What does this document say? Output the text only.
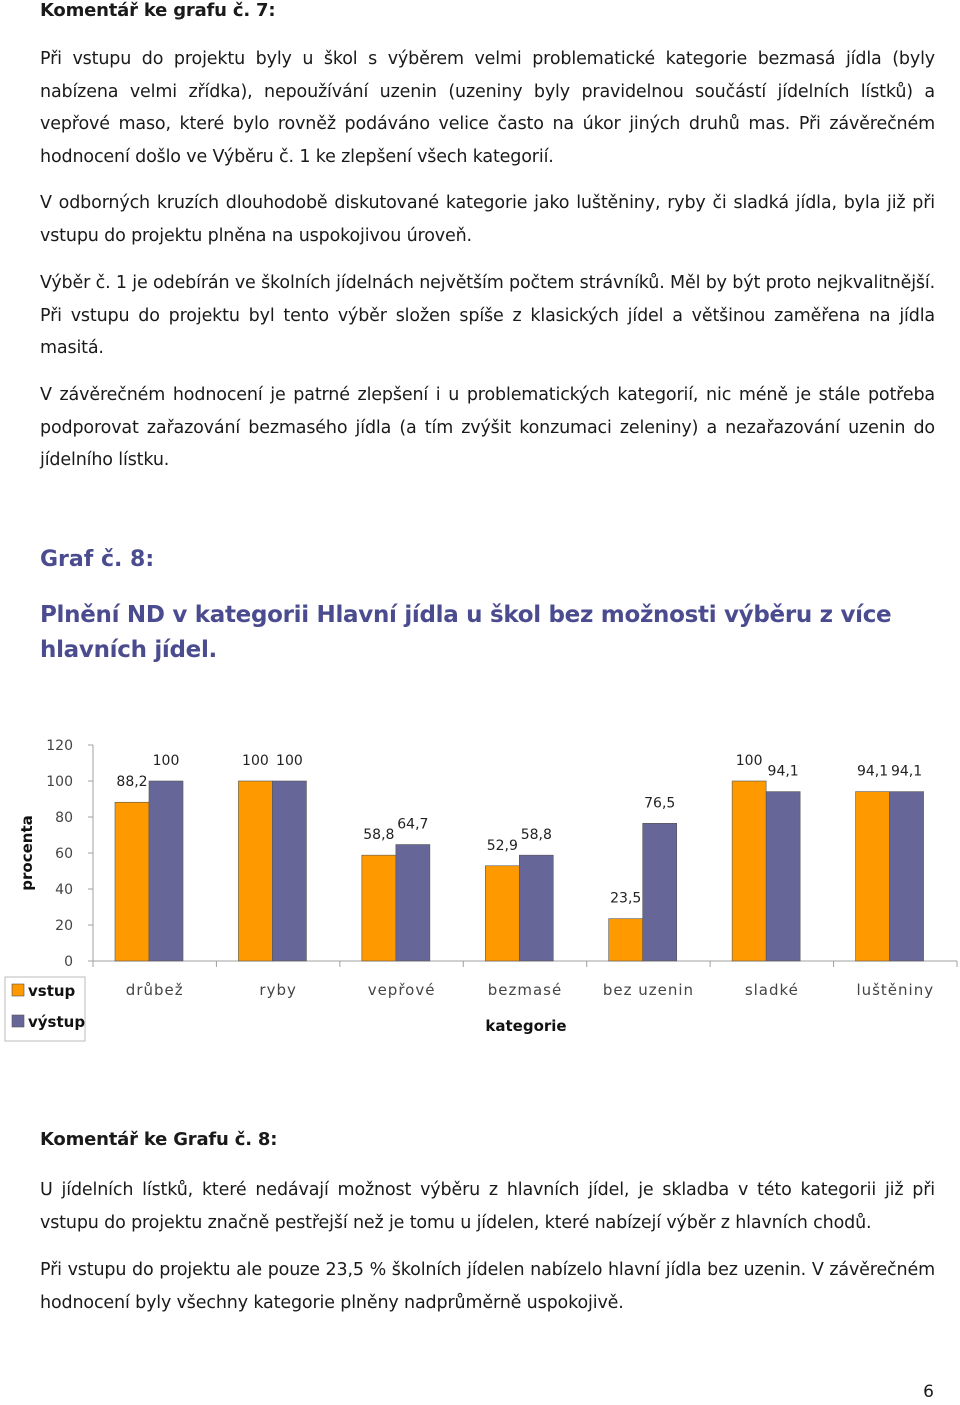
Komentář ke grafu č. 7:
Při vstupu do projektu byly u škol s výběrem velmi problematické kategorie bezmasá jídla (byly nabízena velmi zřídka), nepoužívání uzenin (uzeniny byly pravidelnou součástí jídelních lístků) a vepřové maso, které bylo rovněž podáváno velice často na úkor jiných druhů mas. Při závěrečném hodnocení došlo ve Výběru č. 1 ke zlepšení všech kategorií.
V odborných kruzích dlouhodobě diskutované kategorie jako luštěniny, ryby či sladká jídla, byla již při vstupu do projektu plněna na uspokojivou úroveň.
Výběr č. 1 je odebírán ve školních jídelnách největším počtem strávníků. Měl by být proto nejkvalitnější. Při vstupu do projektu byl tento výběr složen spíše z klasických jídel a většinou zaměřena na jídla masitá.
V závěrečném hodnocení je patrné zlepšení i u problematických kategorií, nic méně je stále potřeba podporovat zařazování bezmasého jídla (a tím zvýšit konzumaci zeleniny) a nezařazování uzenin do jídelního lístku.
Graf č. 8:
Plnění ND v kategorii Hlavní jídla u škol bez možnosti výběru z více hlavních jídel.
0
20
40
60
80
100
120
procenta
88,2
100
drůbež
100 100
ryby
58,8
64,7
vepřové
52,9
58,8
bezmasé
23,5
76,5
bez uzenin
100
94,1
sladké
94,1 94,1
luštěniny
kategorie
vstup
výstup
Komentář ke Grafu č. 8:
U jídelních lístků, které nedávají možnost výběru z hlavních jídel, je skladba v této kategorii již při vstupu do projektu značně pestřejší než je tomu u jídelen, které nabízejí výběr z hlavních chodů.
Při vstupu do projektu ale pouze 23,5 % školních jídelen nabízelo hlavní jídla bez uzenin. V závěrečném hodnocení byly všechny kategorie plněny nadprůměrně uspokojivě.
6
